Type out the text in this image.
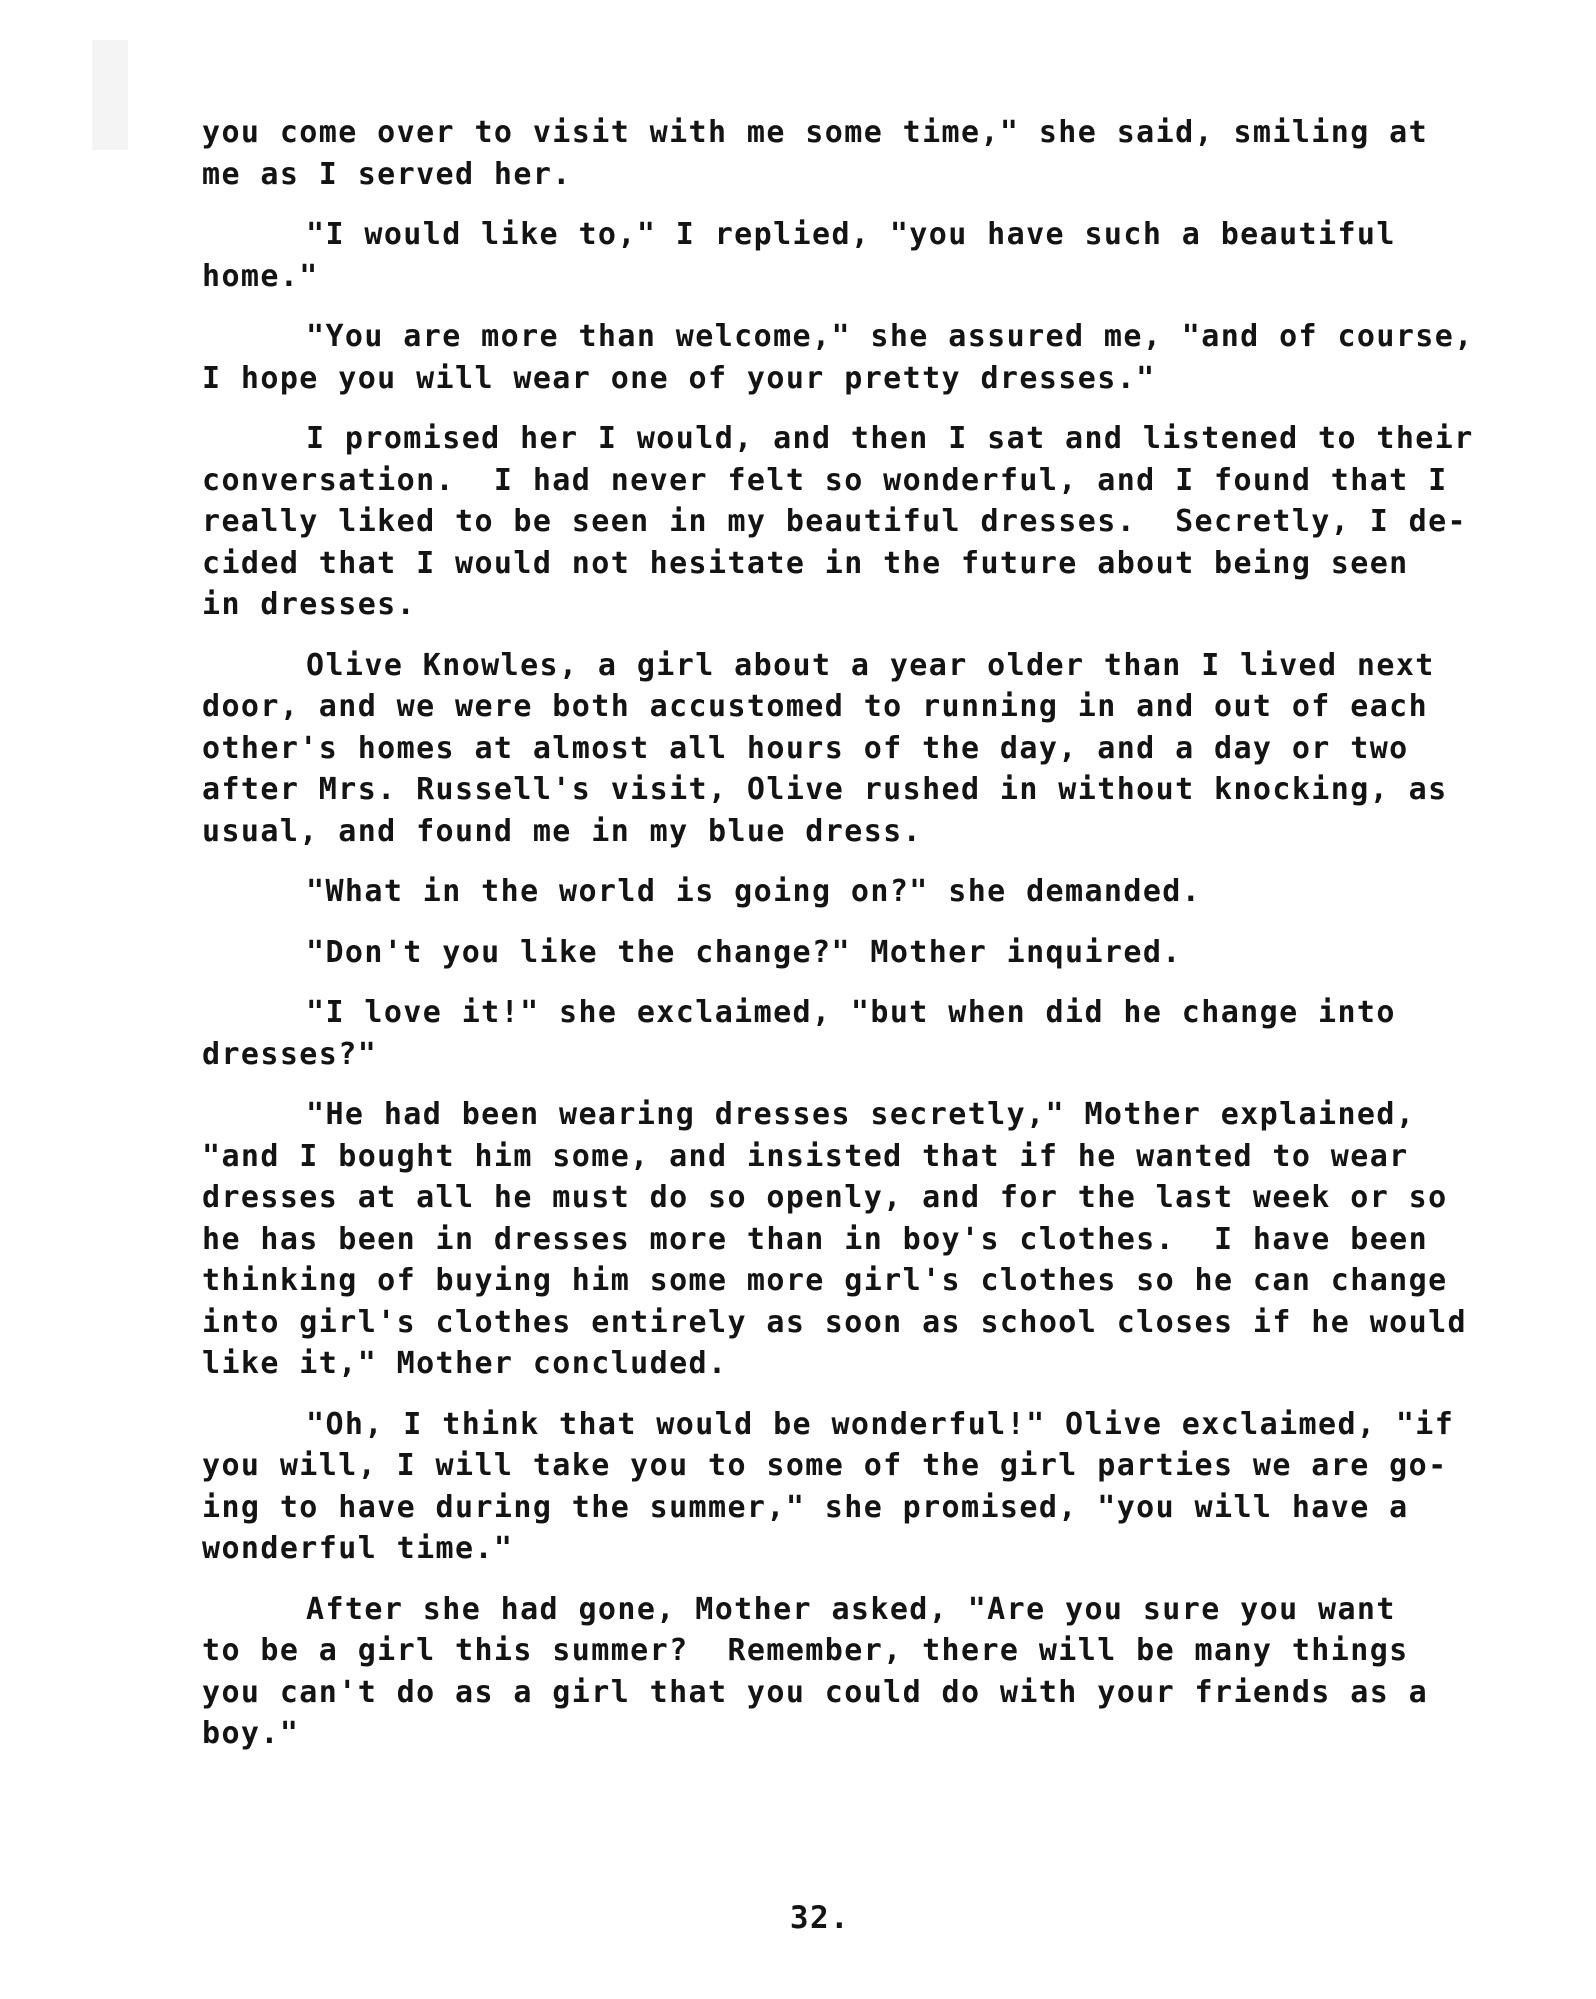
you come over to visit with me some time," she said, smiling at
me as I served her.

"I would like to," I replied, "you have such a beautiful
home."

"You are more than welcome," she assured me, "and of course,
I hope you will wear one of your pretty dresses."

I promised her I would, and then I sat and listened to their
conversation.  I had never felt so wonderful, and I found that I
really liked to be seen in my beautiful dresses.  Secretly, I de-
cided that I would not hesitate in the future about being seen
in dresses.

Olive Knowles, a girl about a year older than I lived next
door, and we were both accustomed to running in and out of each
other's homes at almost all hours of the day, and a day or two
after Mrs. Russell's visit, Olive rushed in without knocking, as
usual, and found me in my blue dress.

"What in the world is going on?" she demanded.

"Don't you like the change?" Mother inquired.

"I love it!" she exclaimed, "but when did he change into
dresses?"

"He had been wearing dresses secretly," Mother explained,
"and I bought him some, and insisted that if he wanted to wear
dresses at all he must do so openly, and for the last week or so
he has been in dresses more than in boy's clothes.  I have been
thinking of buying him some more girl's clothes so he can change
into girl's clothes entirely as soon as school closes if he would
like it," Mother concluded.

"Oh, I think that would be wonderful!" Olive exclaimed, "if
you will, I will take you to some of the girl parties we are go-
ing to have during the summer," she promised, "you will have a
wonderful time."

After she had gone, Mother asked, "Are you sure you want
to be a girl this summer?  Remember, there will be many things
you can't do as a girl that you could do with your friends as a
boy."

32.
